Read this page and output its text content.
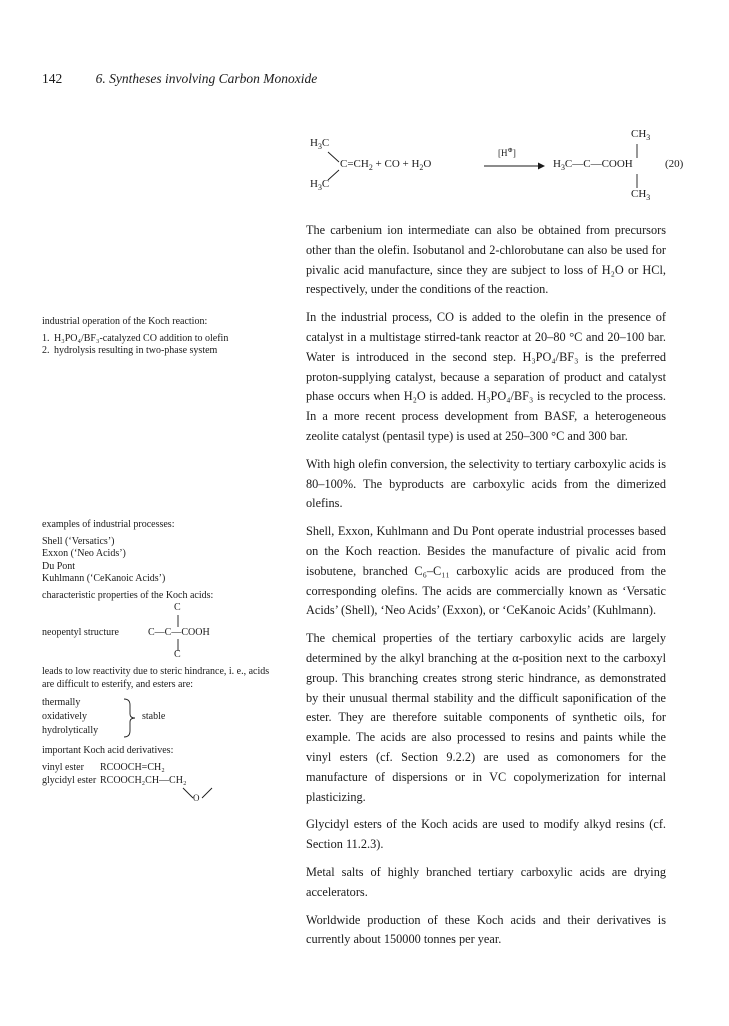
142 6. Syntheses involving Carbon Monoxide
$H_3C$
$H_3C$
$C=CH_2$ + CO + $H_2O$
[H⊕]
$CH_3$
$H_3C—C—COOH$	(20)
$CH_3$

The carbenium ion intermediate can also be obtained from precursors other than the olefin. Isobutanol and 2-chlorobutane can also be used for pivalic acid manufacture, since they are subject to loss of H₂O or HCl, respectively, under the conditions of the reaction.

In the industrial process, CO is added to the olefin in the presence of catalyst in a multistage stirred-tank reactor at 20–80 °C and 20–100 bar. Water is introduced in the second step. H₃PO₄/BF₃ is the preferred proton-supplying catalyst, because a separation of product and catalyst phase occurs when H₂O is added. H₃PO₄/BF₃ is recycled to the process. In a more recent process development from BASF, a heterogeneous zeolite catalyst (pentasil type) is used at 250–300 °C and 300 bar.

With high olefin conversion, the selectivity to tertiary carboxylic acids is 80–100%. The byproducts are carboxylic acids from the dimerized olefins.

Shell, Exxon, Kuhlmann and Du Pont operate industrial processes based on the Koch reaction. Besides the manufacture of pivalic acid from isobutene, branched C₆–C₁₁ carboxylic acids are produced from the corresponding olefins. The acids are commercially known as ‘Versatic Acids’ (Shell), ‘Neo Acids’ (Exxon), or ‘CeKanoic Acids’ (Kuhlmann).

The chemical properties of the tertiary carboxylic acids are largely determined by the alkyl branching at the α-position next to the carboxyl group. This branching creates strong steric hindrance, as demonstrated by their unusual thermal stability and the difficult saponification of the ester. They are therefore suitable components of synthetic oils, for example. The acids are also processed to resins and paints while the vinyl esters (cf. Section 9.2.2) are used as comonomers for the manufacture of dispersions or in VC copolymerization for internal plasticizing.

Glycidyl esters of the Koch acids are used to modify alkyd resins (cf. Section 11.2.3).

Metal salts of highly branched tertiary carboxylic acids are drying accelerators.

Worldwide production of these Koch acids and their derivatives is currently about 150000 tonnes per year.

industrial operation of the Koch reaction:
1. H₃PO₄/BF₃-catalyzed CO addition to olefin
2. hydrolysis resulting in two-phase system
examples of industrial processes:
Shell (‘Versatics’)
Exxon (‘Neo Acids’)
Du Pont
Kuhlmann (‘CeKanoic Acids’)
characteristic properties of the Koch acids:
C
neopentyl structure	C—C—COOH
C
leads to low reactivity due to steric hindrance, i. e., acids are difficult to esterify, and esters are:
thermally
oxidatively
hydrolytically
stable
important Koch acid derivatives:
vinyl ester RCOOCH=CH₂
glycidyl ester RCOOCH₂CH—CH₂
O
